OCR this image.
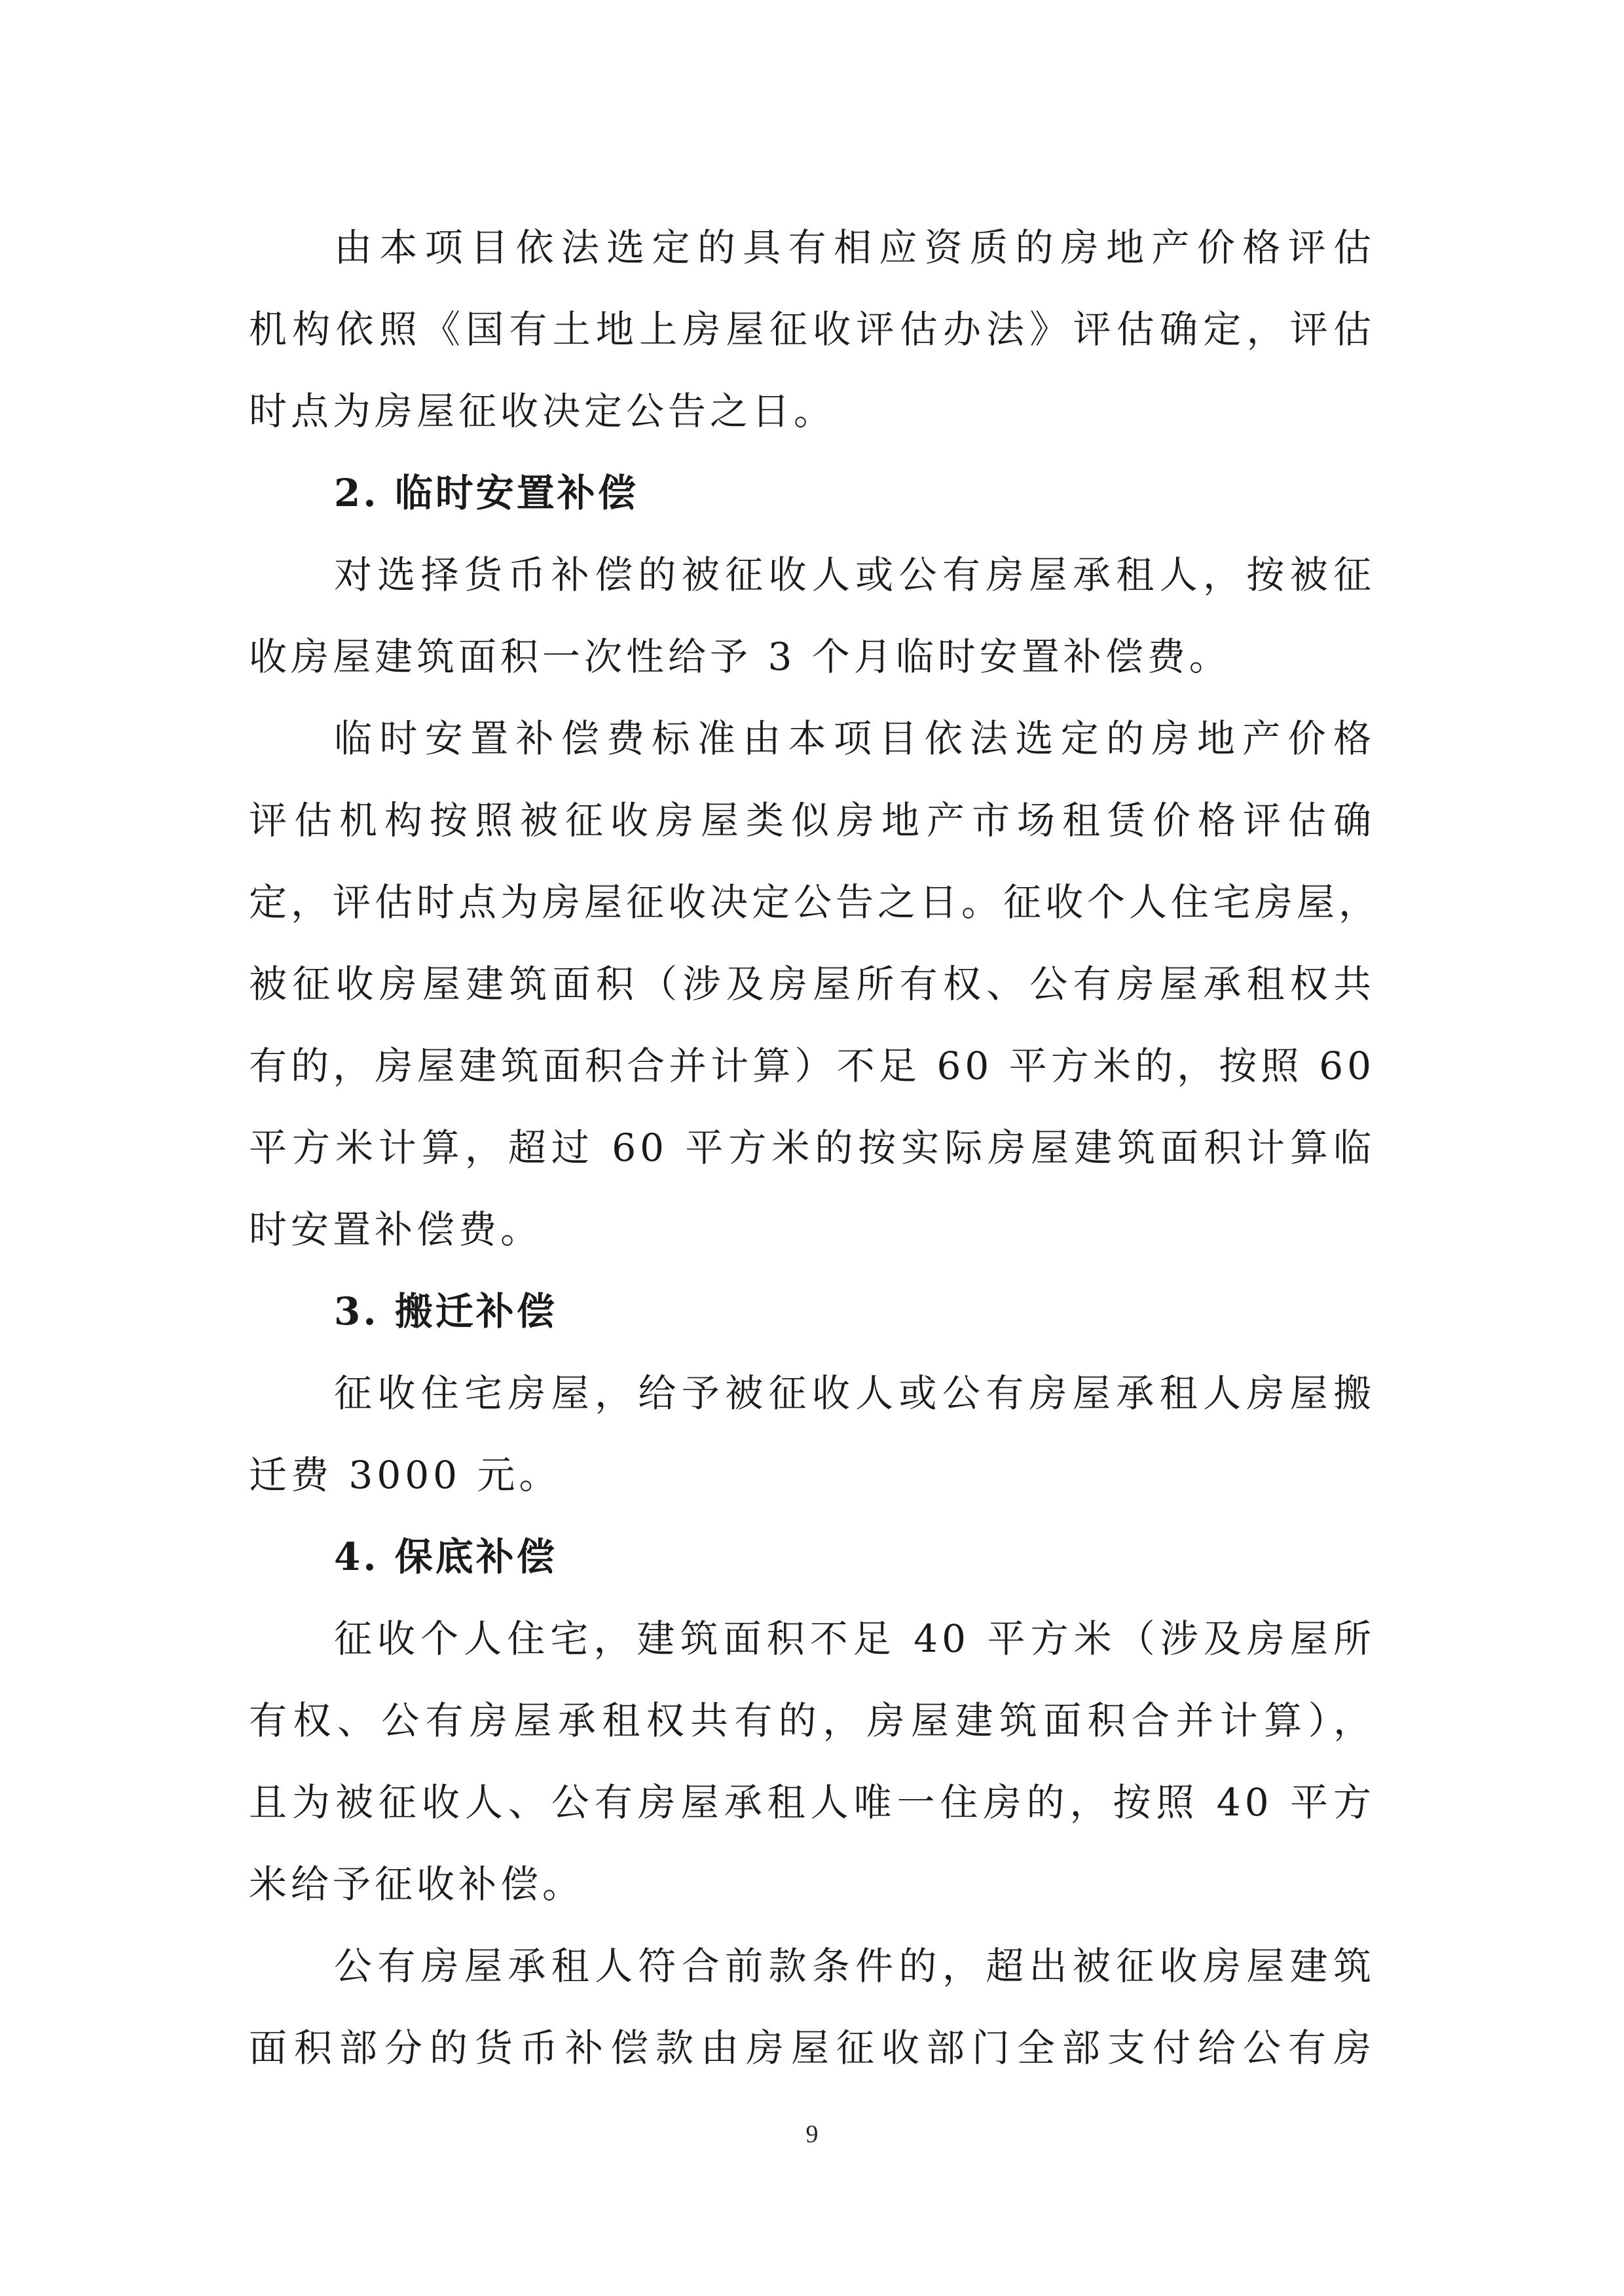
由本项目依法选定的具有相应资质的房地产价格评估
机构依照《国有土地上房屋征收评估办法》评估确定，评估
时点为房屋征收决定公告之日。
2. 临时安置补偿
对选择货币补偿的被征收人或公有房屋承租人，按被征
收房屋建筑面积一次性给予 3 个月临时安置补偿费。
临时安置补偿费标准由本项目依法选定的房地产价格
评估机构按照被征收房屋类似房地产市场租赁价格评估确
定，评估时点为房屋征收决定公告之日。征收个人住宅房屋，
被征收房屋建筑面积（涉及房屋所有权、公有房屋承租权共
有的，房屋建筑面积合并计算）不足 60 平方米的，按照 60
平方米计算，超过 60 平方米的按实际房屋建筑面积计算临
时安置补偿费。
3. 搬迁补偿
征收住宅房屋，给予被征收人或公有房屋承租人房屋搬
迁费 3000 元。
4. 保底补偿
征收个人住宅，建筑面积不足 40 平方米（涉及房屋所
有权、公有房屋承租权共有的，房屋建筑面积合并计算），
且为被征收人、公有房屋承租人唯一住房的，按照 40 平方
米给予征收补偿。
公有房屋承租人符合前款条件的，超出被征收房屋建筑
面积部分的货币补偿款由房屋征收部门全部支付给公有房
9
